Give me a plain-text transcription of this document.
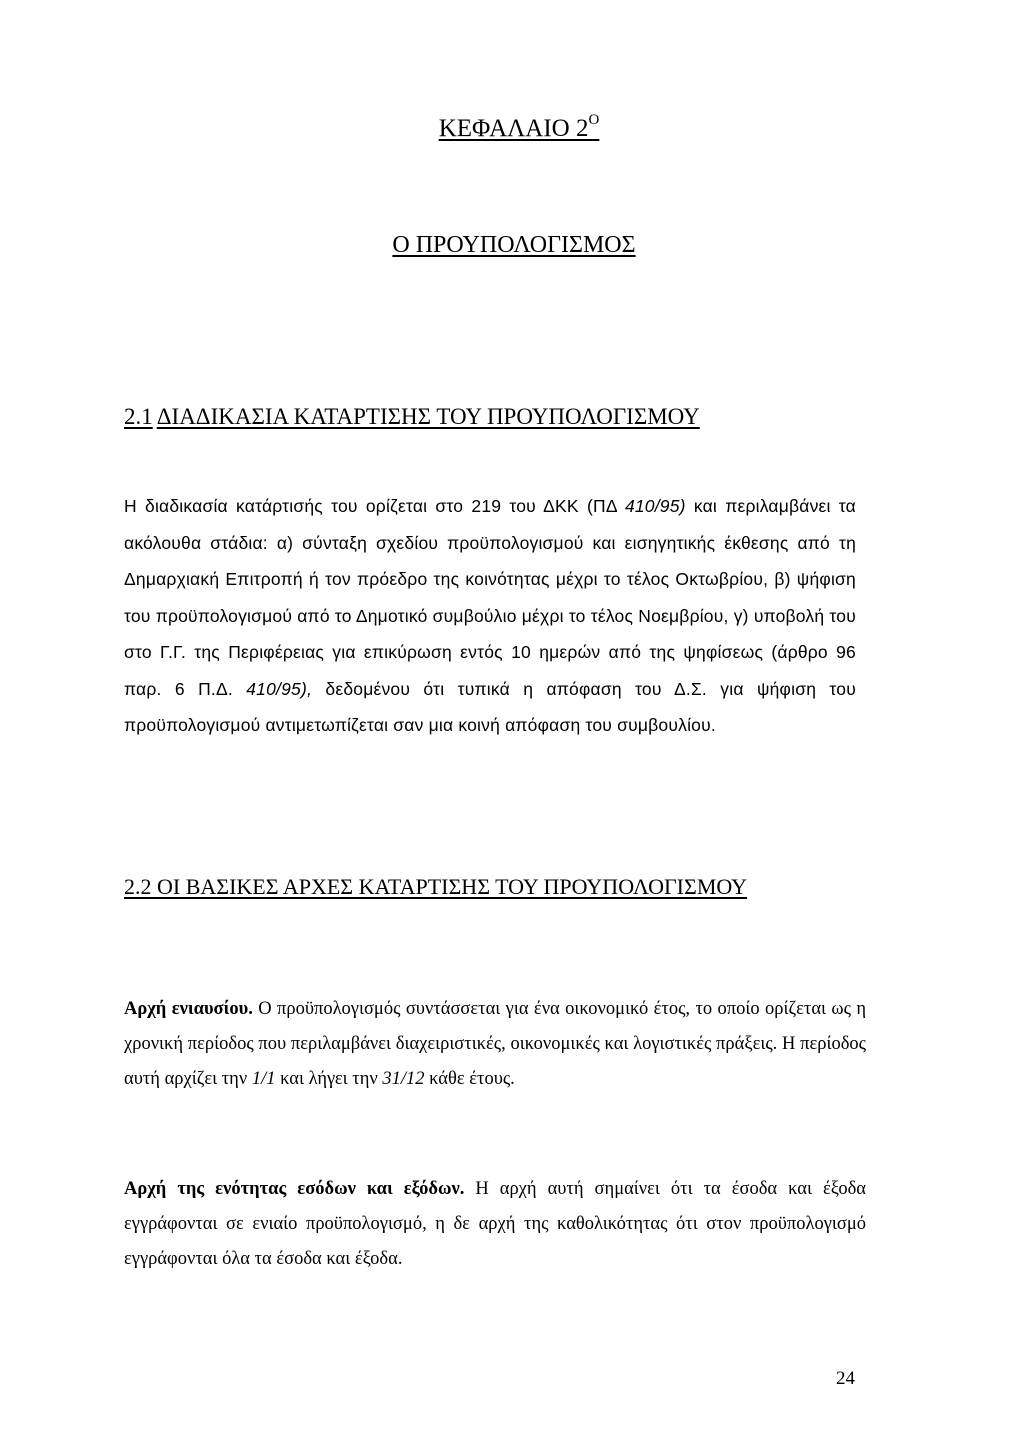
ΚΕΦΑΛΑΙΟ $2^O$
Ο ΠΡΟΥΠΟΛΟΓΙΣΜΟΣ
2.1 ΔΙΑΔΙΚΑΣΙΑ ΚΑΤΑΡΤΙΣΗΣ ΤΟΥ ΠΡΟΥΠΟΛΟΓΙΣΜΟΥ
Η διαδικασία κατάρτισής του ορίζεται στο 219 του ΔΚΚ (ΠΔ 410/95) και περιλαμβάνει τα ακόλουθα στάδια: α) σύνταξη σχεδίου προϋπολογισμού και εισηγητικής έκθεσης από τη Δημαρχιακή Επιτροπή ή τον πρόεδρο της κοινότητας μέχρι το τέλος Οκτωβρίου, β) ψήφιση του προϋπολογισμού από το Δημοτικό συμβούλιο μέχρι το τέλος Νοεμβρίου, γ) υποβολή του στο Γ.Γ. της Περιφέρειας για επικύρωση εντός 10 ημερών από της ψηφίσεως (άρθρο 96 παρ. 6 Π.Δ. 410/95), δεδομένου ότι τυπικά η απόφαση του Δ.Σ. για ψήφιση του προϋπολογισμού αντιμετωπίζεται σαν μια κοινή απόφαση του συμβουλίου.
2.2 ΟΙ ΒΑΣΙΚΕΣ ΑΡΧΕΣ ΚΑΤΑΡΤΙΣΗΣ ΤΟΥ ΠΡΟΥΠΟΛΟΓΙΣΜΟΥ
Αρχή ενιαυσίου. Ο προϋπολογισμός συντάσσεται για ένα οικονομικό έτος, το οποίο ορίζεται ως η χρονική περίοδος που περιλαμβάνει διαχειριστικές, οικονομικές και λογιστικές πράξεις. Η περίοδος αυτή αρχίζει την 1/1 και λήγει την 31/12 κάθε έτους.
Αρχή της ενότητας εσόδων και εξόδων. Η αρχή αυτή σημαίνει ότι τα έσοδα και έξοδα εγγράφονται σε ενιαίο προϋπολογισμό, η δε αρχή της καθολικότητας ότι στον προϋπολογισμό εγγράφονται όλα τα έσοδα και έξοδα.
24
